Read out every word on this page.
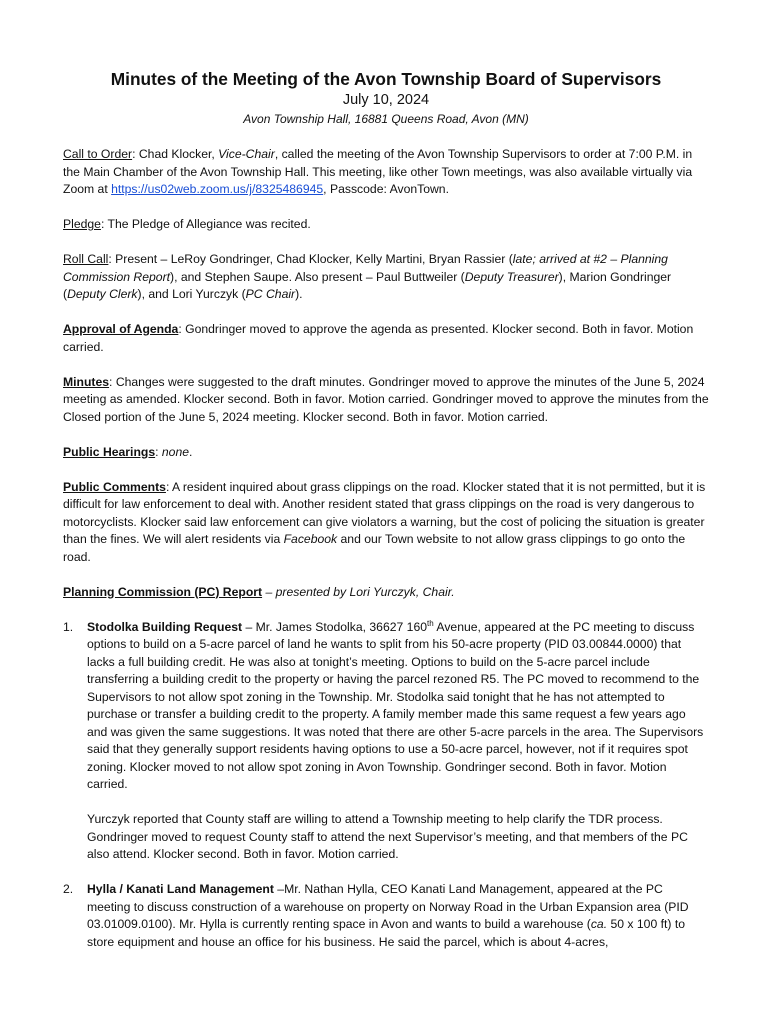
Minutes of the Meeting of the Avon Township Board of Supervisors
July 10, 2024
Avon Township Hall, 16881 Queens Road, Avon (MN)

Call to Order: Chad Klocker, Vice-Chair, called the meeting of the Avon Township Supervisors to order at 7:00 P.M. in the Main Chamber of the Avon Township Hall. This meeting, like other Town meetings, was also available virtually via Zoom at https://us02web.zoom.us/j/8325486945, Passcode: AvonTown.

Pledge: The Pledge of Allegiance was recited.

Roll Call: Present – LeRoy Gondringer, Chad Klocker, Kelly Martini, Bryan Rassier (late; arrived at #2 – Planning Commission Report), and Stephen Saupe. Also present – Paul Buttweiler (Deputy Treasurer), Marion Gondringer (Deputy Clerk), and Lori Yurczyk (PC Chair).

Approval of Agenda: Gondringer moved to approve the agenda as presented. Klocker second. Both in favor. Motion carried.

Minutes: Changes were suggested to the draft minutes. Gondringer moved to approve the minutes of the June 5, 2024 meeting as amended. Klocker second. Both in favor. Motion carried. Gondringer moved to approve the minutes from the Closed portion of the June 5, 2024 meeting. Klocker second. Both in favor. Motion carried.

Public Hearings: none.

Public Comments: A resident inquired about grass clippings on the road. Klocker stated that it is not permitted, but it is difficult for law enforcement to deal with. Another resident stated that grass clippings on the road is very dangerous to motorcyclists. Klocker said law enforcement can give violators a warning, but the cost of policing the situation is greater than the fines. We will alert residents via Facebook and our Town website to not allow grass clippings to go onto the road.

Planning Commission (PC) Report – presented by Lori Yurczyk, Chair.

1. Stodolka Building Request – Mr. James Stodolka, 36627 160th Avenue, appeared at the PC meeting to discuss options to build on a 5-acre parcel of land he wants to split from his 50-acre property (PID 03.00844.0000) that lacks a full building credit. He was also at tonight’s meeting. Options to build on the 5-acre parcel include transferring a building credit to the property or having the parcel rezoned R5. The PC moved to recommend to the Supervisors to not allow spot zoning in the Township. Mr. Stodolka said tonight that he has not attempted to purchase or transfer a building credit to the property. A family member made this same request a few years ago and was given the same suggestions. It was noted that there are other 5-acre parcels in the area. The Supervisors said that they generally support residents having options to use a 50-acre parcel, however, not if it requires spot zoning. Klocker moved to not allow spot zoning in Avon Township. Gondringer second. Both in favor. Motion carried.

Yurczyk reported that County staff are willing to attend a Township meeting to help clarify the TDR process. Gondringer moved to request County staff to attend the next Supervisor’s meeting, and that members of the PC also attend. Klocker second. Both in favor. Motion carried.

2. Hylla / Kanati Land Management –Mr. Nathan Hylla, CEO Kanati Land Management, appeared at the PC meeting to discuss construction of a warehouse on property on Norway Road in the Urban Expansion area (PID 03.01009.0100). Mr. Hylla is currently renting space in Avon and wants to build a warehouse (ca. 50 x 100 ft) to store equipment and house an office for his business. He said the parcel, which is about 4-acres,
